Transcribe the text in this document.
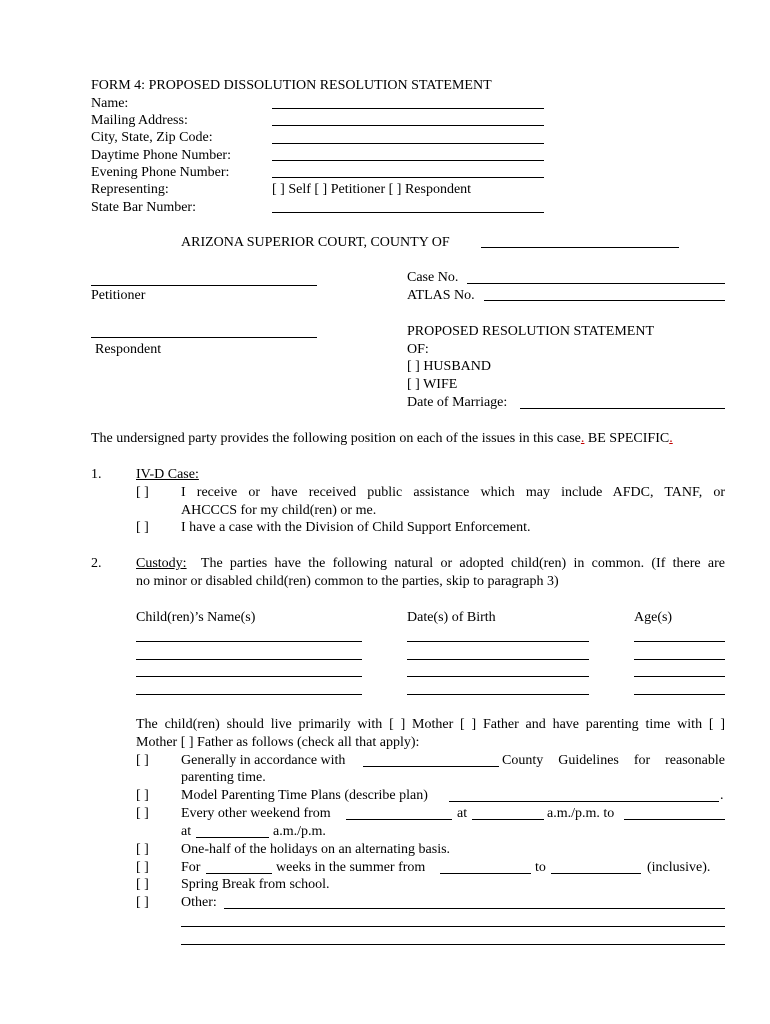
FORM 4: PROPOSED DISSOLUTION RESOLUTION STATEMENT
Name:
Mailing Address:
City, State, Zip Code:
Daytime Phone Number:
Evening Phone Number:
Representing:	[ ] Self [ ] Petitioner [ ] Respondent
State Bar Number:
ARIZONA SUPERIOR COURT, COUNTY OF
Petitioner
Respondent
Case No.
ATLAS No.
PROPOSED RESOLUTION STATEMENT
OF:
[ ] HUSBAND
[ ] WIFE
Date of Marriage:
The undersigned party provides the following position on each of the issues in this case. BE SPECIFIC.
1. IV-D Case:
[ ] I receive or have received public assistance which may include AFDC, TANF, or
AHCCCS for my child(ren) or me.
[ ] I have a case with the Division of Child Support Enforcement.
2. Custody: The parties have the following natural or adopted child(ren) in common. (If there are
no minor or disabled child(ren) common to the parties, skip to paragraph 3)
Child(ren)’s Name(s)	Date(s) of Birth	Age(s)
The child(ren) should live primarily with [ ] Mother [ ] Father and have parenting time with [ ]
Mother [ ] Father as follows (check all that apply):
[ ] Generally in accordance with	County Guidelines for reasonable
parenting time.
[ ] Model Parenting Time Plans (describe plan)	.
[ ] Every other weekend from	at	a.m./p.m. to
at	a.m./p.m.
[ ] One-half of the holidays on an alternating basis.
[ ] For	weeks in the summer from	to	(inclusive).
[ ] Spring Break from school.
[ ] Other:
